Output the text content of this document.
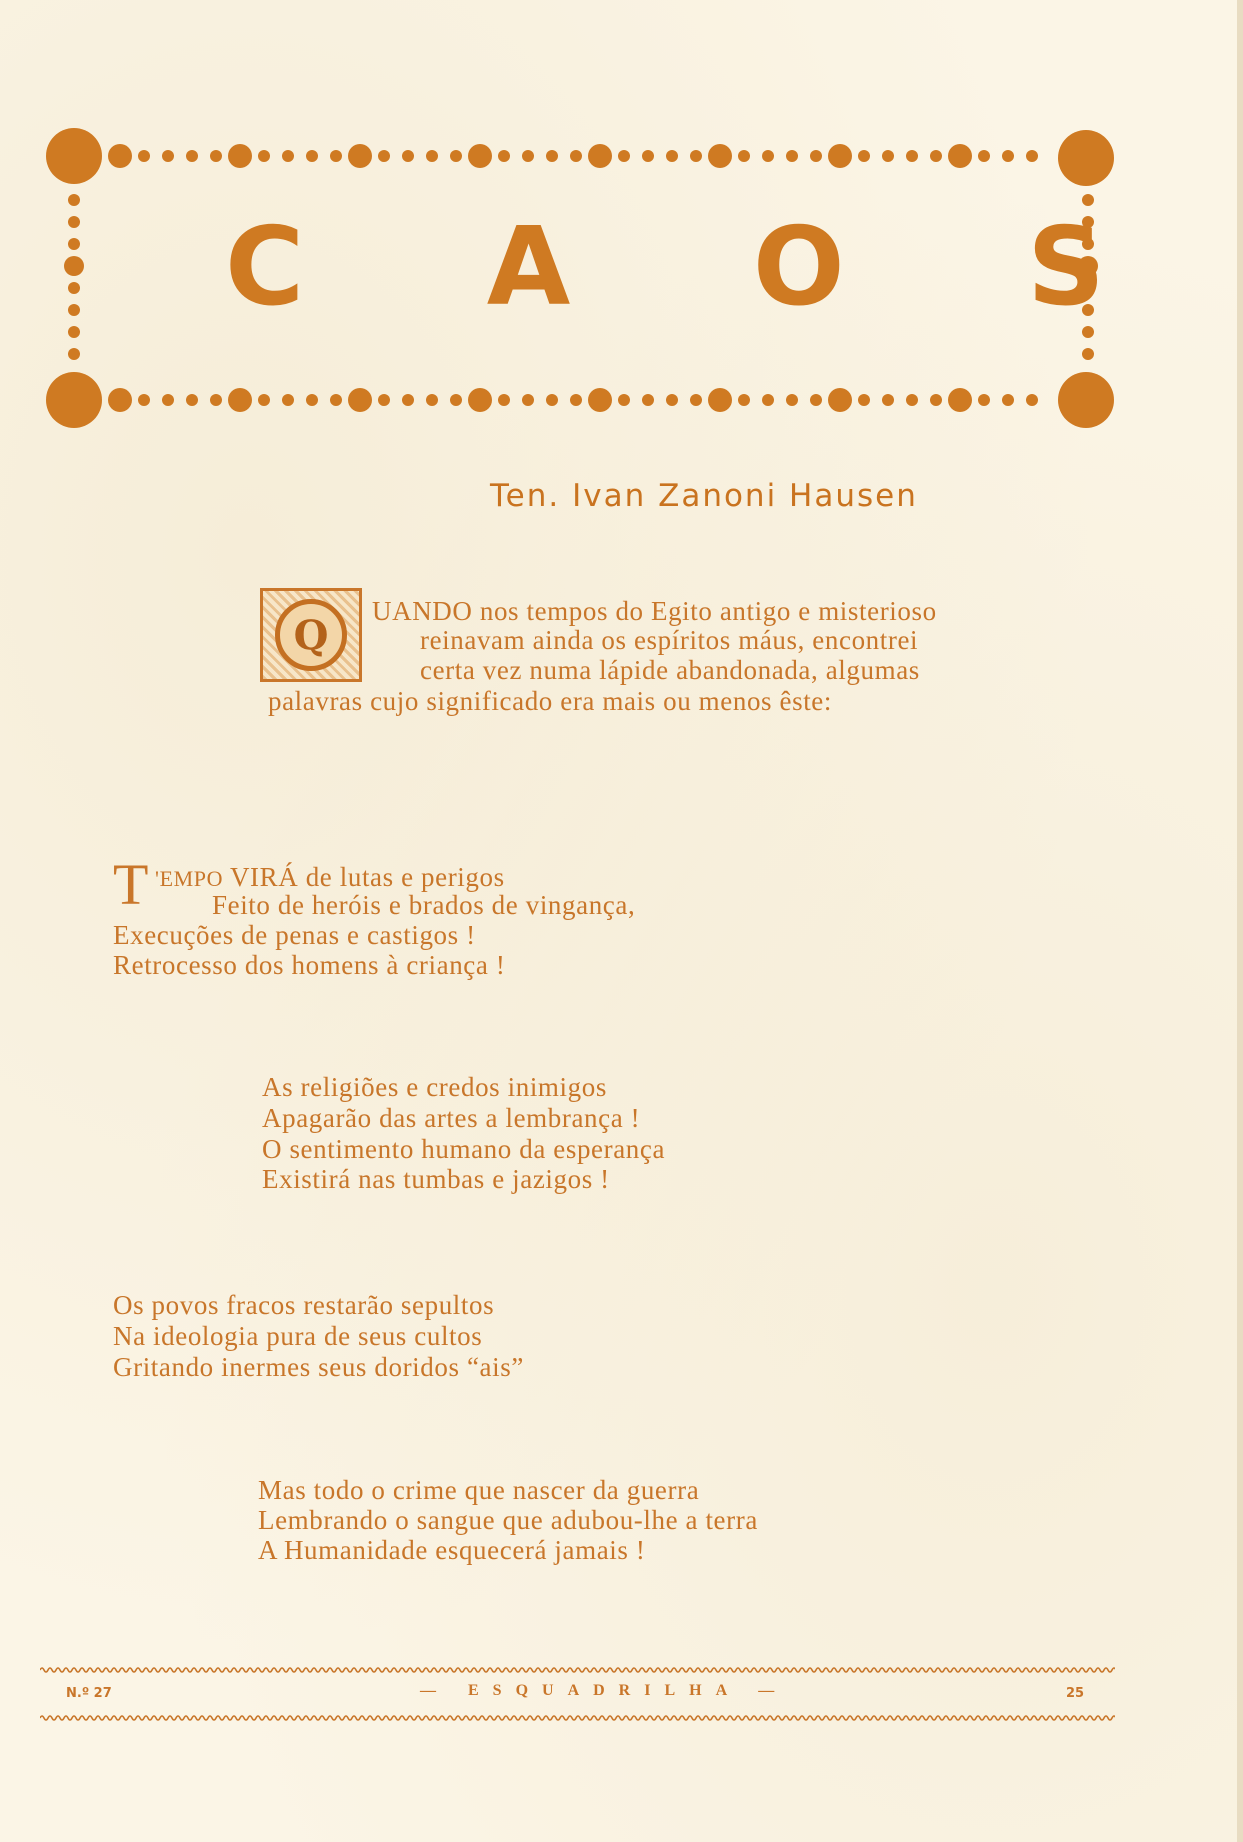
C A O S
Ten. Ivan Zanoni Hausen
Q
UANDO nos tempos do Egito antigo e misterioso
reinavam ainda os espíritos máus, encontrei
certa vez numa lápide abandonada, algumas
palavras cujo significado era mais ou menos êste:
T 'EMPO VIRÁ de lutas e perigos
Feito de heróis e brados de vingança,
Execuções de penas e castigos !
Retrocesso dos homens à criança !
As religiões e credos inimigos
Apagarão das artes a lembrança !
O sentimento humano da esperança
Existirá nas tumbas e jazigos !
Os povos fracos restarão sepultos
Na ideologia pura de seus cultos
Gritando inermes seus doridos “ais”
Mas todo o crime que nascer da guerra
Lembrando o sangue que adubou-lhe a terra
A Humanidade esquecerá jamais !
N.º 27	— ESQUADRILHA —	25
